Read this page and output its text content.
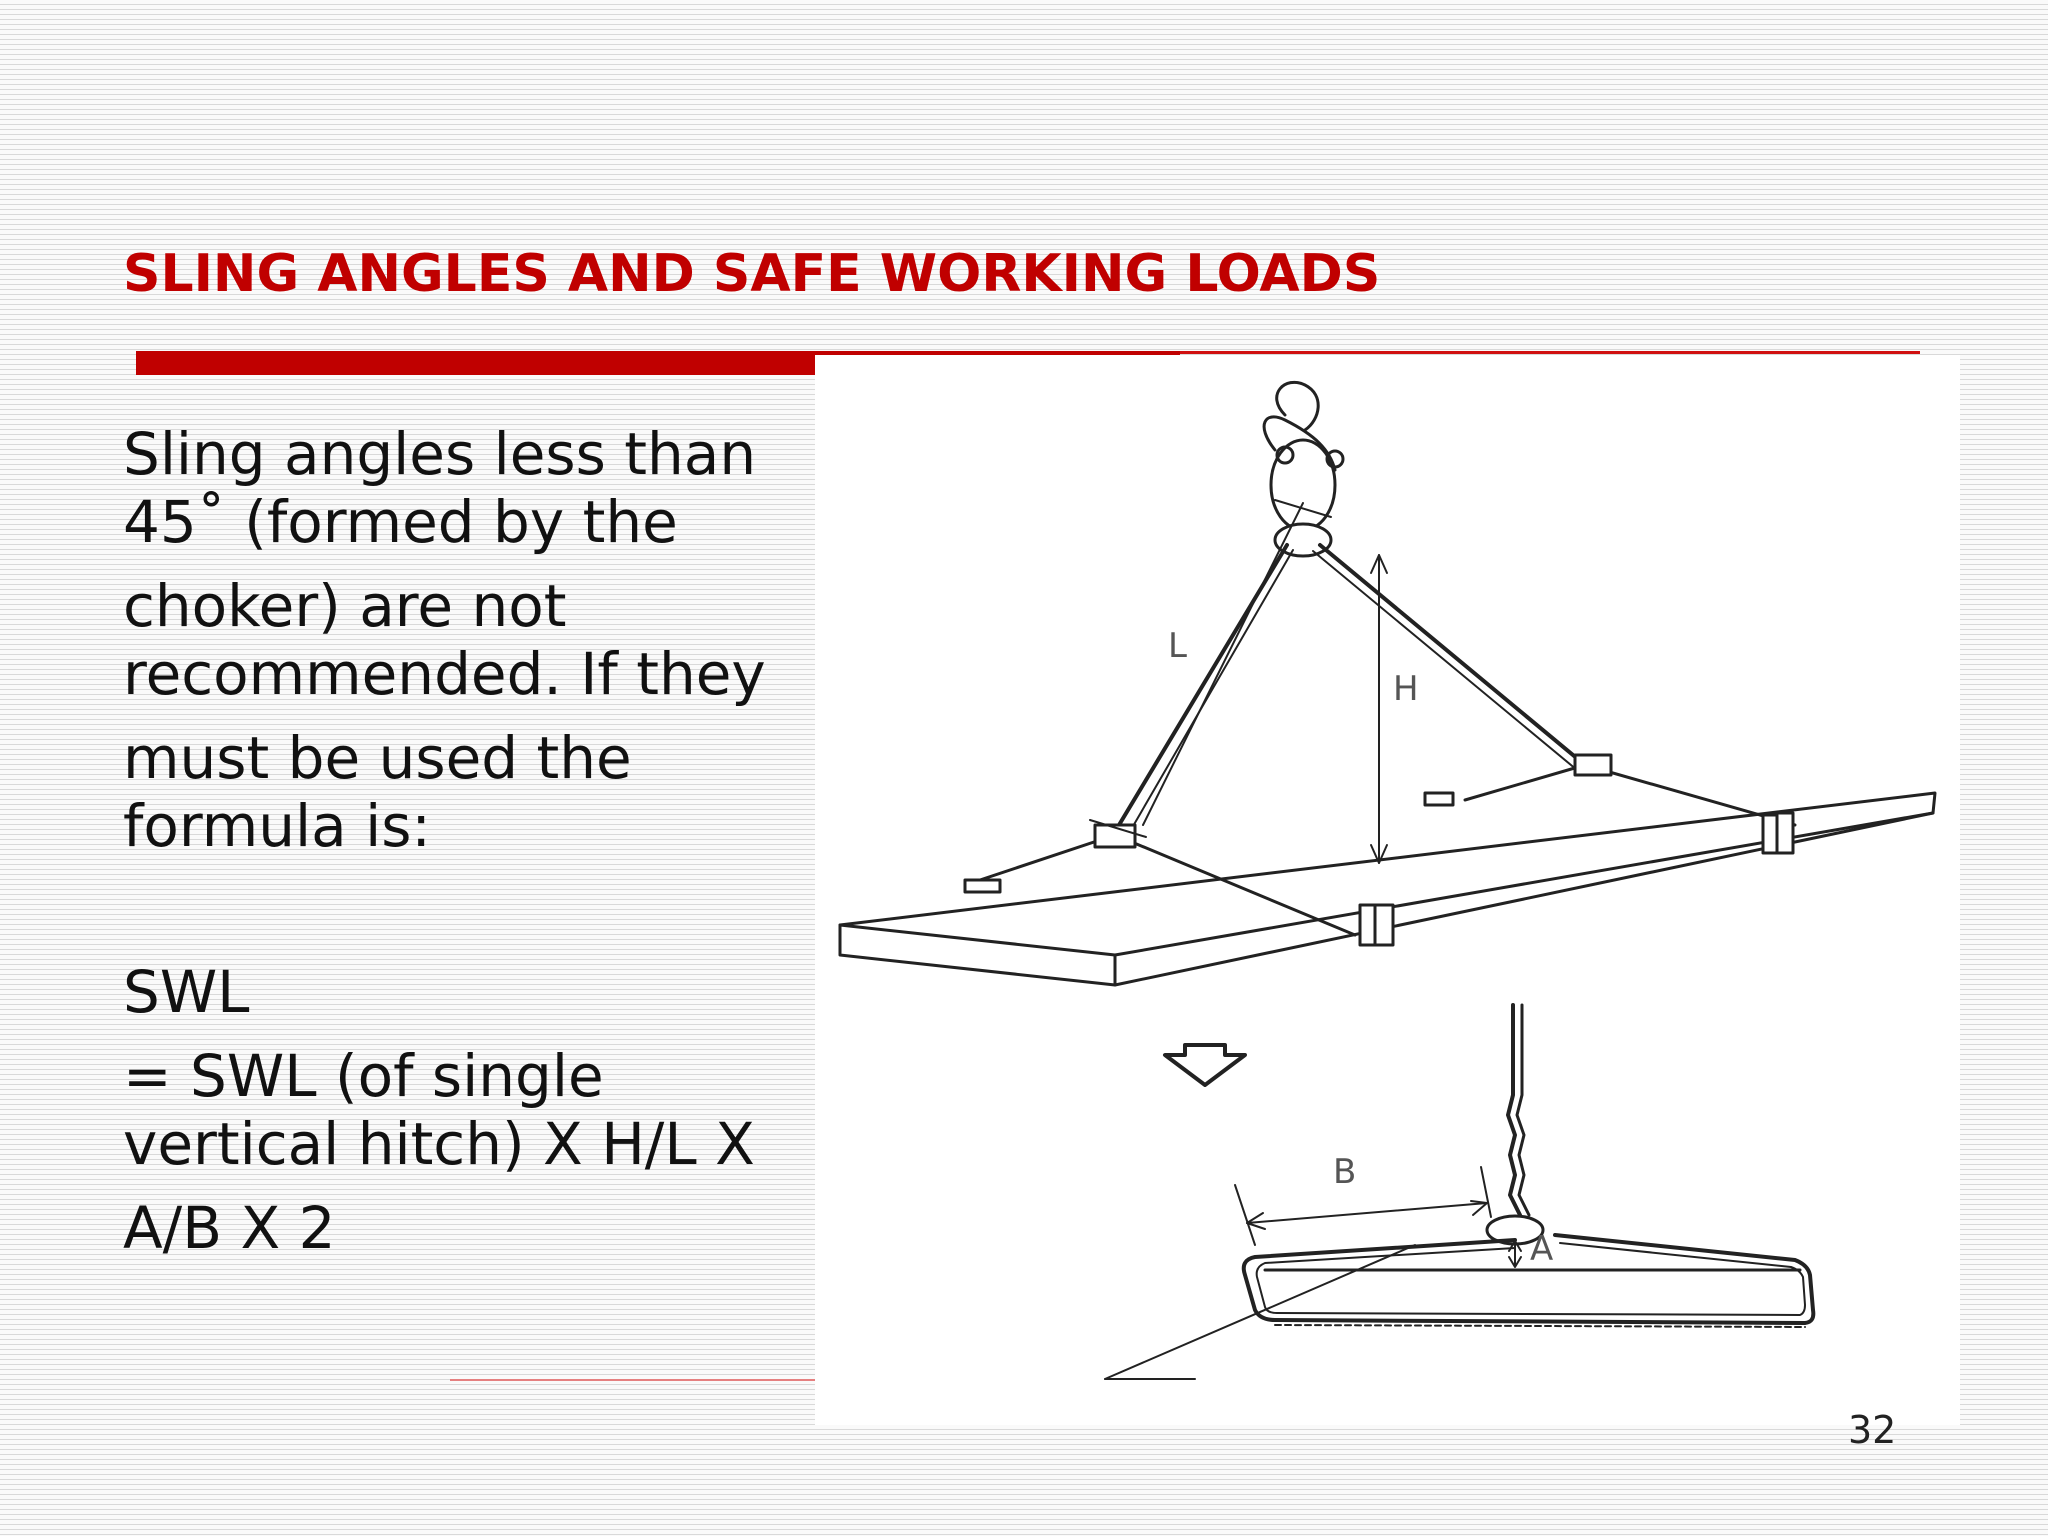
SLING ANGLES AND SAFE WORKING LOADS

Sling angles less than 45˚ (formed by the

choker) are not recommended. If they

must be used the formula is:

SWL

= SWL (of single vertical hitch) X H/L X

A/B X 2

L
H
B
A
32
